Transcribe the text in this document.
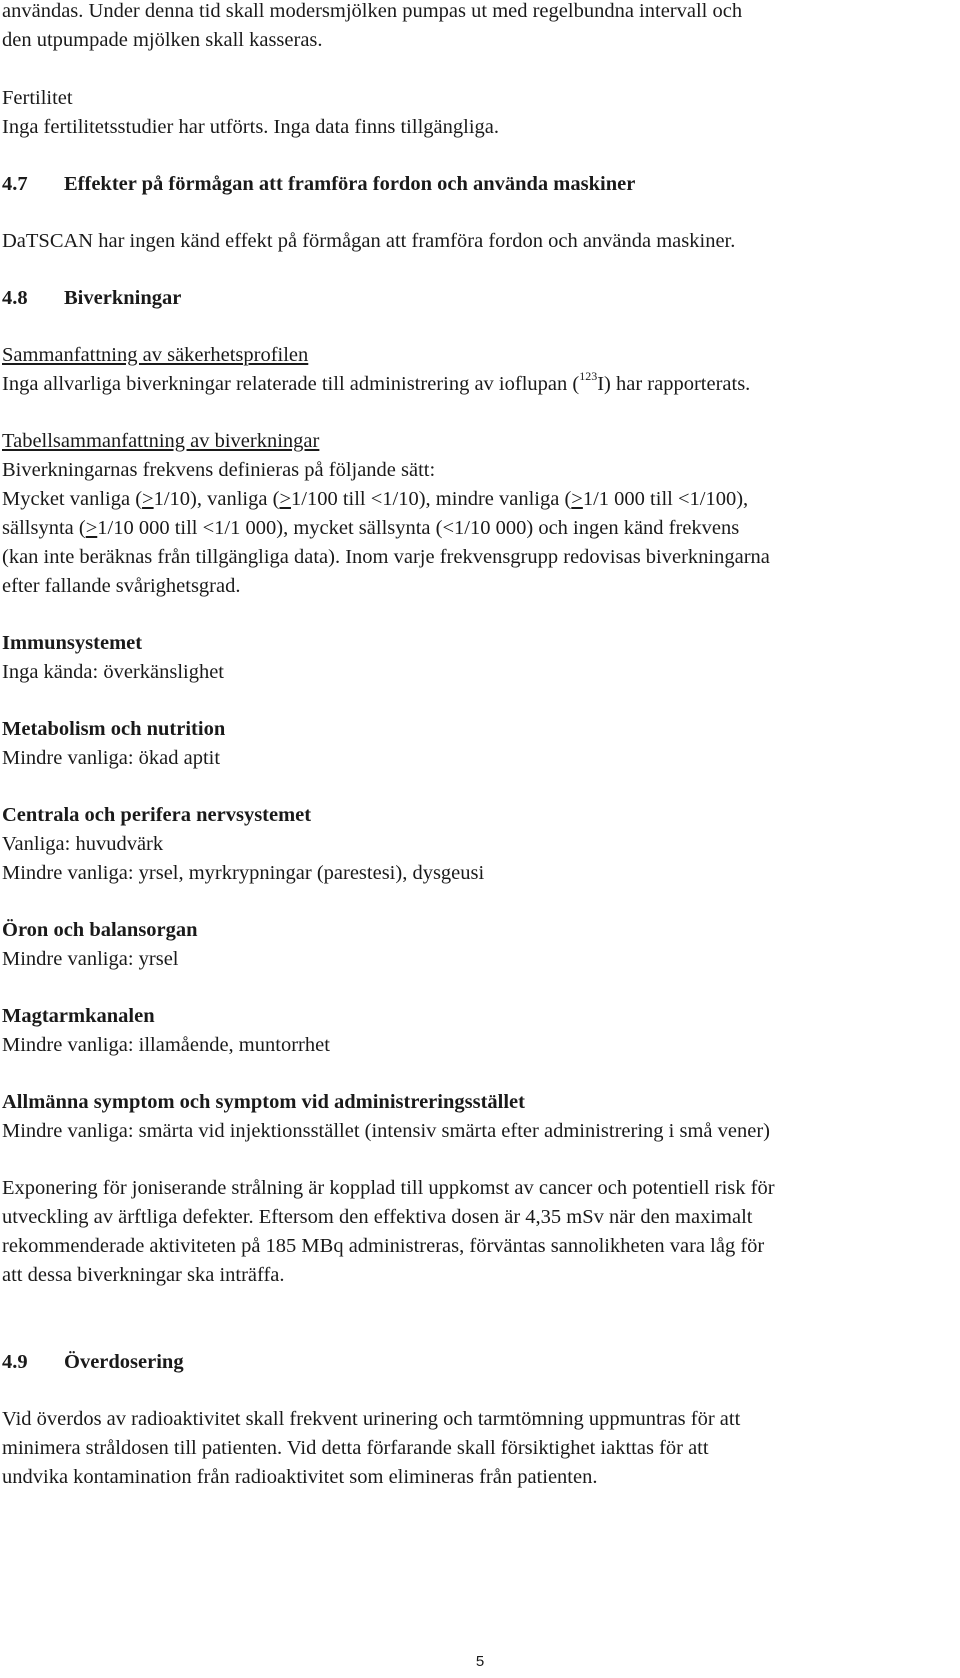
användas. Under denna tid skall modersmjölken pumpas ut med regelbundna intervall och

den utpumpade mjölken skall kasseras.

Fertilitet

Inga fertilitetsstudier har utförts. Inga data finns tillgängliga.

4.7 Effekter på förmågan att framföra fordon och använda maskiner

DaTSCAN har ingen känd effekt på förmågan att framföra fordon och använda maskiner.

4.8 Biverkningar

Sammanfattning av säkerhetsprofilen

Inga allvarliga biverkningar relaterade till administrering av ioflupan ($^{123}$I) har rapporterats.

Tabellsammanfattning av biverkningar

Biverkningarnas frekvens definieras på följande sätt:

Mycket vanliga (>1/10), vanliga (>1/100 till <1/10), mindre vanliga (>1/1 000 till <1/100),

sällsynta (>1/10 000 till <1/1 000), mycket sällsynta (<1/10 000) och ingen känd frekvens

(kan inte beräknas från tillgängliga data). Inom varje frekvensgrupp redovisas biverkningarna

efter fallande svårighetsgrad.

Immunsystemet

Inga kända: överkänslighet

Metabolism och nutrition

Mindre vanliga: ökad aptit

Centrala och perifera nervsystemet

Vanliga: huvudvärk

Mindre vanliga: yrsel, myrkrypningar (parestesi), dysgeusi

Öron och balansorgan

Mindre vanliga: yrsel

Magtarmkanalen

Mindre vanliga: illamående, muntorrhet

Allmänna symptom och symptom vid administreringsstället

Mindre vanliga: smärta vid injektionsstället (intensiv smärta efter administrering i små vener)

Exponering för joniserande strålning är kopplad till uppkomst av cancer och potentiell risk för

utveckling av ärftliga defekter. Eftersom den effektiva dosen är 4,35 mSv när den maximalt

rekommenderade aktiviteten på 185 MBq administreras, förväntas sannolikheten vara låg för

att dessa biverkningar ska inträffa.

4.9 Överdosering

Vid överdos av radioaktivitet skall frekvent urinering och tarmtömning uppmuntras för att

minimera stråldosen till patienten. Vid detta förfarande skall försiktighet iakttas för att

undvika kontamination från radioaktivitet som elimineras från patienten.

5
